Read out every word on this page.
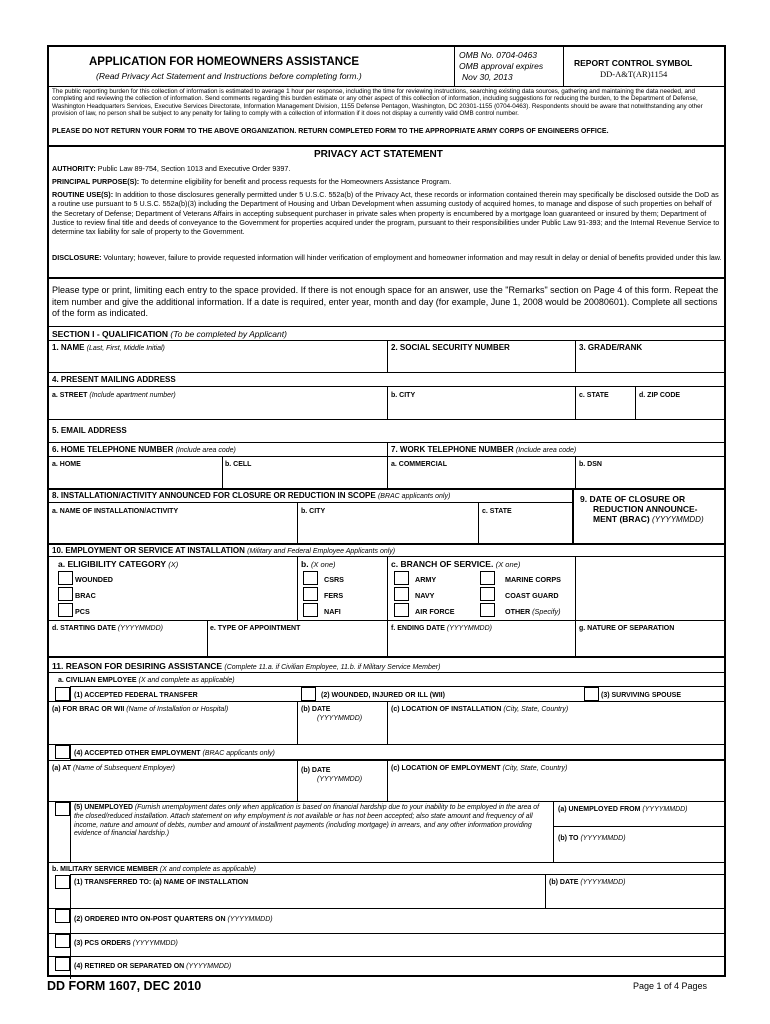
APPLICATION FOR HOMEOWNERS ASSISTANCE
(Read Privacy Act Statement and Instructions before completing form.)
OMB No. 0704-0463
OMB approval expires
Nov 30, 2013
REPORT CONTROL SYMBOL
DD-A&T(AR)1154
The public reporting burden for this collection of information is estimated to average 1 hour per response, including the time for reviewing instructions, searching existing data sources, gathering and maintaining the data needed, and completing and reviewing the collection of information. Send comments regarding this burden estimate or any other aspect of this collection of information, including suggestions for reducing the burden, to the Department of Defense, Washington Headquarters Services, Executive Services Directorate, Information Management Division, 1155 Defense Pentagon, Washington, DC 20301-1155 (0704-0463). Respondents should be aware that notwithstanding any other provision of law, no person shall be subject to any penalty for failing to comply with a collection of information if it does not display a currently valid OMB control number.
PLEASE DO NOT RETURN YOUR FORM TO THE ABOVE ORGANIZATION. RETURN COMPLETED FORM TO THE APPROPRIATE ARMY CORPS OF ENGINEERS OFFICE.
PRIVACY ACT STATEMENT
AUTHORITY: Public Law 89-754, Section 1013 and Executive Order 9397.
PRINCIPAL PURPOSE(S): To determine eligibility for benefit and process requests for the Homeowners Assistance Program.
ROUTINE USE(S): In addition to those disclosures generally permitted under 5 U.S.C. 552a(b) of the Privacy Act, these records or information contained therein may specifically be disclosed outside the DoD as a routine use pursuant to 5 U.S.C. 552a(b)(3) including the Department of Housing and Urban Development when assuming custody of acquired homes, to manage and dispose of such properties on behalf of the Secretary of Defense; Department of Veterans Affairs in accepting subsequent purchaser in private sales when property is encumbered by a mortgage loan guaranteed or insured by them; Department of Justice to review final title and deeds of conveyance to the Government for properties acquired under the program, pursuant to their responsibilities under Public Law 91-393; and the Internal Revenue Service to determine tax liability for sale of property to the Government.
DISCLOSURE: Voluntary; however, failure to provide requested information will hinder verification of employment and homeowner information and may result in delay or denial of benefits provided under this law.
Please type or print, limiting each entry to the space provided. If there is not enough space for an answer, use the "Remarks" section on Page 4 of this form. Repeat the item number and give the additional information. If a date is required, enter year, month and day (for example, June 1, 2008 would be 20080601). Complete all sections of the form as indicated.
SECTION I - QUALIFICATION (To be completed by Applicant)
1. NAME (Last, First, Middle Initial)	2. SOCIAL SECURITY NUMBER	3. GRADE/RANK
4. PRESENT MAILING ADDRESS
a. STREET (Include apartment number)	b. CITY	c. STATE	d. ZIP CODE
5. EMAIL ADDRESS
6. HOME TELEPHONE NUMBER (Include area code)	7. WORK TELEPHONE NUMBER (Include area code)
a. HOME	b. CELL	a. COMMERCIAL	b. DSN
8. INSTALLATION/ACTIVITY ANNOUNCED FOR CLOSURE OR REDUCTION IN SCOPE (BRAC applicants only)
a. NAME OF INSTALLATION/ACTIVITY	b. CITY	c. STATE
9. DATE OF CLOSURE OR
REDUCTION ANNOUNCE-
MENT (BRAC) (YYYYMMDD)
10. EMPLOYMENT OR SERVICE AT INSTALLATION (Military and Federal Employee Applicants only)
a. ELIGIBILITY CATEGORY (X)	b. (X one)	c. BRANCH OF SERVICE. (X one)
WOUNDED
BRAC
PCS
CSRS
FERS
NAFI
ARMY
NAVY
AIR FORCE
MARINE CORPS
COAST GUARD
OTHER (Specify)
d. STARTING DATE (YYYYMMDD)	e. TYPE OF APPOINTMENT	f. ENDING DATE (YYYYMMDD)	g. NATURE OF SEPARATION
11. REASON FOR DESIRING ASSISTANCE (Complete 11.a. if Civilian Employee, 11.b. if Military Service Member)
a. CIVILIAN EMPLOYEE (X and complete as applicable)
(1) ACCEPTED FEDERAL TRANSFER	(2) WOUNDED, INJURED OR ILL (WII)	(3) SURVIVING SPOUSE
(a) FOR BRAC OR WII (Name of Installation or Hospital)	(b) DATE
(YYYYMMDD)
(c) LOCATION OF INSTALLATION (City, State, Country)
(4) ACCEPTED OTHER EMPLOYMENT (BRAC applicants only)
(a) AT (Name of Subsequent Employer)	(b) DATE
(YYYYMMDD)
(c) LOCATION OF EMPLOYMENT (City, State, Country)
(5) UNEMPLOYED (Furnish unemployment dates only when application is based on financial hardship due to your inability to be employed in the area of the closed/reduced installation. Attach statement on why employment is not available or has not been accepted; also state amount and frequency of all income, nature and amount of debts, number and amount of installment payments (including mortgage) in arrears, and any other information providing evidence of financial hardship.)
(a) UNEMPLOYED FROM (YYYYMMDD)
(b) TO (YYYYMMDD)
b. MILITARY SERVICE MEMBER (X and complete as applicable)
(1) TRANSFERRED TO: (a) NAME OF INSTALLATION	(b) DATE (YYYYMMDD)
(2) ORDERED INTO ON-POST QUARTERS ON (YYYYMMDD)
(3) PCS ORDERS (YYYYMMDD)
(4) RETIRED OR SEPARATED ON (YYYYMMDD)
DD FORM 1607, DEC 2010	Page 1 of 4 Pages
